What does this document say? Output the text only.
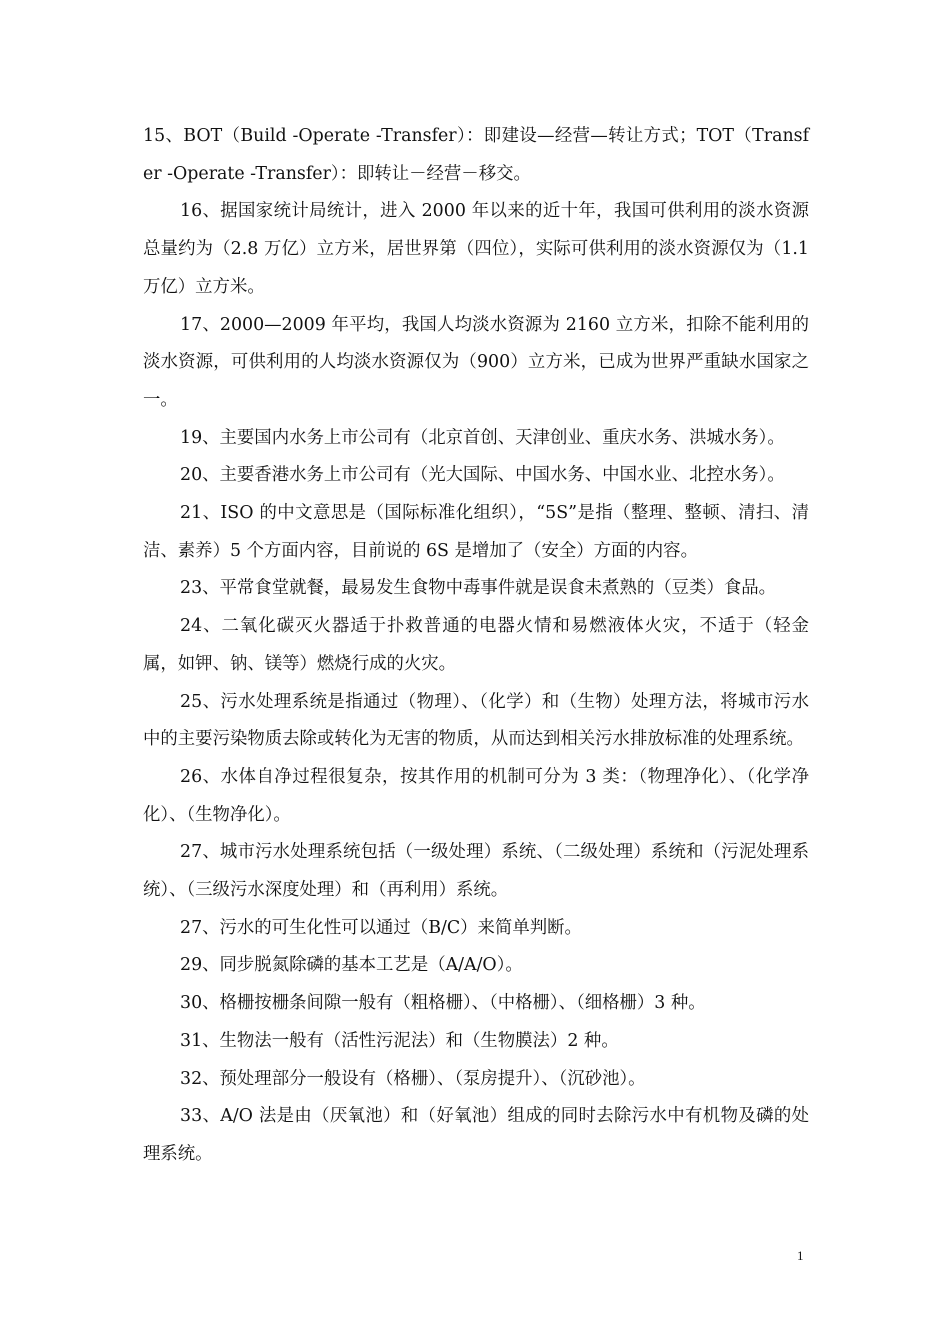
15、BOT（Build -Operate -Transfer）：即建设—经营—转让方式；TOT（Transfer -Operate -Transfer）：即转让－经营－移交。

16、据国家统计局统计，进入 2000 年以来的近十年，我国可供利用的淡水资源总量约为（2.8 万亿）立方米，居世界第（四位），实际可供利用的淡水资源仅为（1.1万亿）立方米。

17、2000—2009 年平均，我国人均淡水资源为 2160 立方米，扣除不能利用的淡水资源，可供利用的人均淡水资源仅为（900）立方米，已成为世界严重缺水国家之一。

19、主要国内水务上市公司有（北京首创、天津创业、重庆水务、洪城水务）。

20、主要香港水务上市公司有（光大国际、中国水务、中国水业、北控水务）。

21、ISO 的中文意思是（国际标准化组织），“5S”是指（整理、整顿、清扫、清洁、素养）5 个方面内容，目前说的 6S 是增加了（安全）方面的内容。

23、平常食堂就餐，最易发生食物中毒事件就是误食未煮熟的（豆类）食品。

24、二氧化碳灭火器适于扑救普通的电器火情和易燃液体火灾，不适于（轻金属，如钾、钠、镁等）燃烧行成的火灾。

25、污水处理系统是指通过（物理）、（化学）和（生物）处理方法，将城市污水中的主要污染物质去除或转化为无害的物质，从而达到相关污水排放标准的处理系统。

26、水体自净过程很复杂，按其作用的机制可分为 3 类：（物理净化）、（化学净化）、（生物净化）。

27、城市污水处理系统包括（一级处理）系统、（二级处理）系统和（污泥处理系统）、（三级污水深度处理）和（再利用）系统。

27、污水的可生化性可以通过（B/C）来简单判断。

29、同步脱氮除磷的基本工艺是（A/A/O）。

30、格栅按栅条间隙一般有（粗格栅）、（中格栅）、（细格栅）3 种。

31、生物法一般有（活性污泥法）和（生物膜法）2 种。

32、预处理部分一般设有（格栅）、（泵房提升）、（沉砂池）。

33、A/O 法是由（厌氧池）和（好氧池）组成的同时去除污水中有机物及磷的处理系统。

1
